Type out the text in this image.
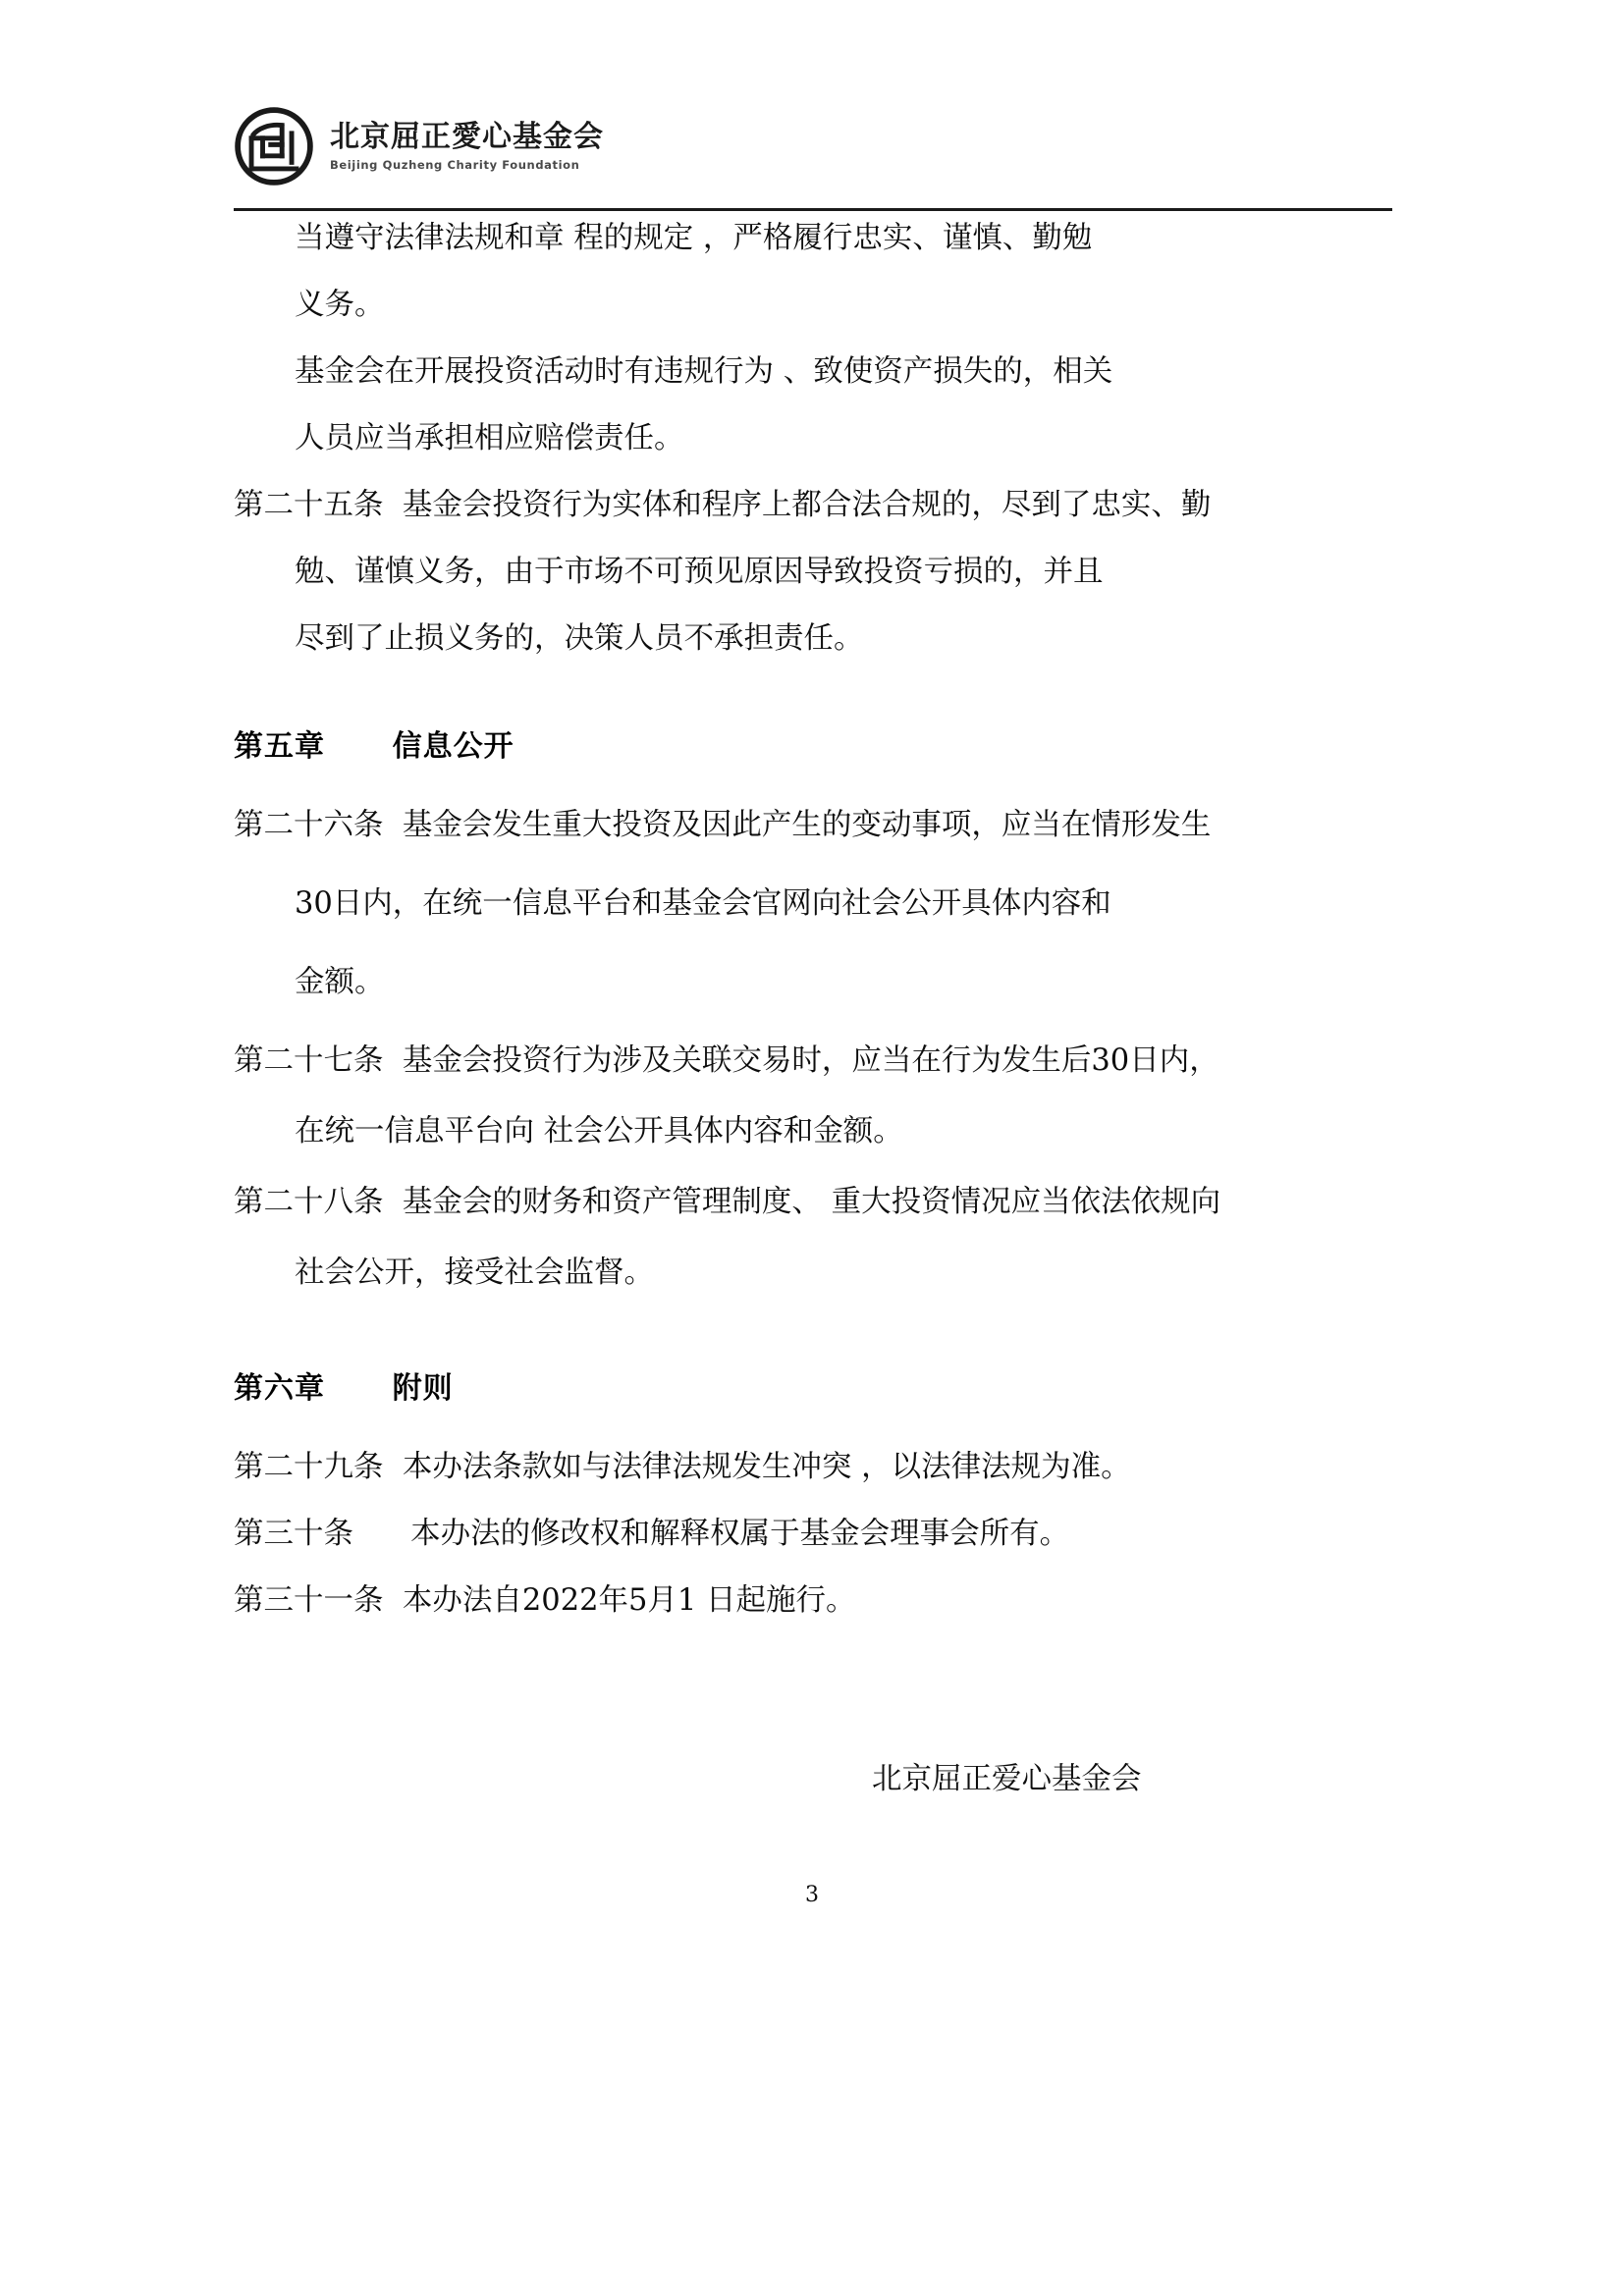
北京屈正愛心基金会
Beijing Quzheng Charity Foundation
当遵守法律法规和章 程的规定 ，严格履行忠实、谨慎、勤勉
义务。
基金会在开展投资活动时有违规行为 、致使资产损失的，相关
人员应当承担相应赔偿责任。
第二十五条  基金会投资行为实体和程序上都合法合规的，尽到了忠实、勤
勉、谨慎义务，由于市场不可预见原因导致投资亏损的，并且
尽到了止损义务的，决策人员不承担责任。
第五章      信息公开
第二十六条  基金会发生重大投资及因此产生的变动事项，应当在情形发生
30日内，在统一信息平台和基金会官网向社会公开具体内容和
金额。
第二十七条  基金会投资行为涉及关联交易时，应当在行为发生后30日内，
在统一信息平台向 社会公开具体内容和金额。
第二十八条  基金会的财务和资产管理制度、 重大投资情况应当依法依规向
社会公开，接受社会监督。
第六章      附则
第二十九条  本办法条款如与法律法规发生冲突 ，以法律法规为准。
第三十条      本办法的修改权和解释权属于基金会理事会所有。
第三十一条  本办法自2022年5月1 日起施行。
北京屈正爱心基金会
3
